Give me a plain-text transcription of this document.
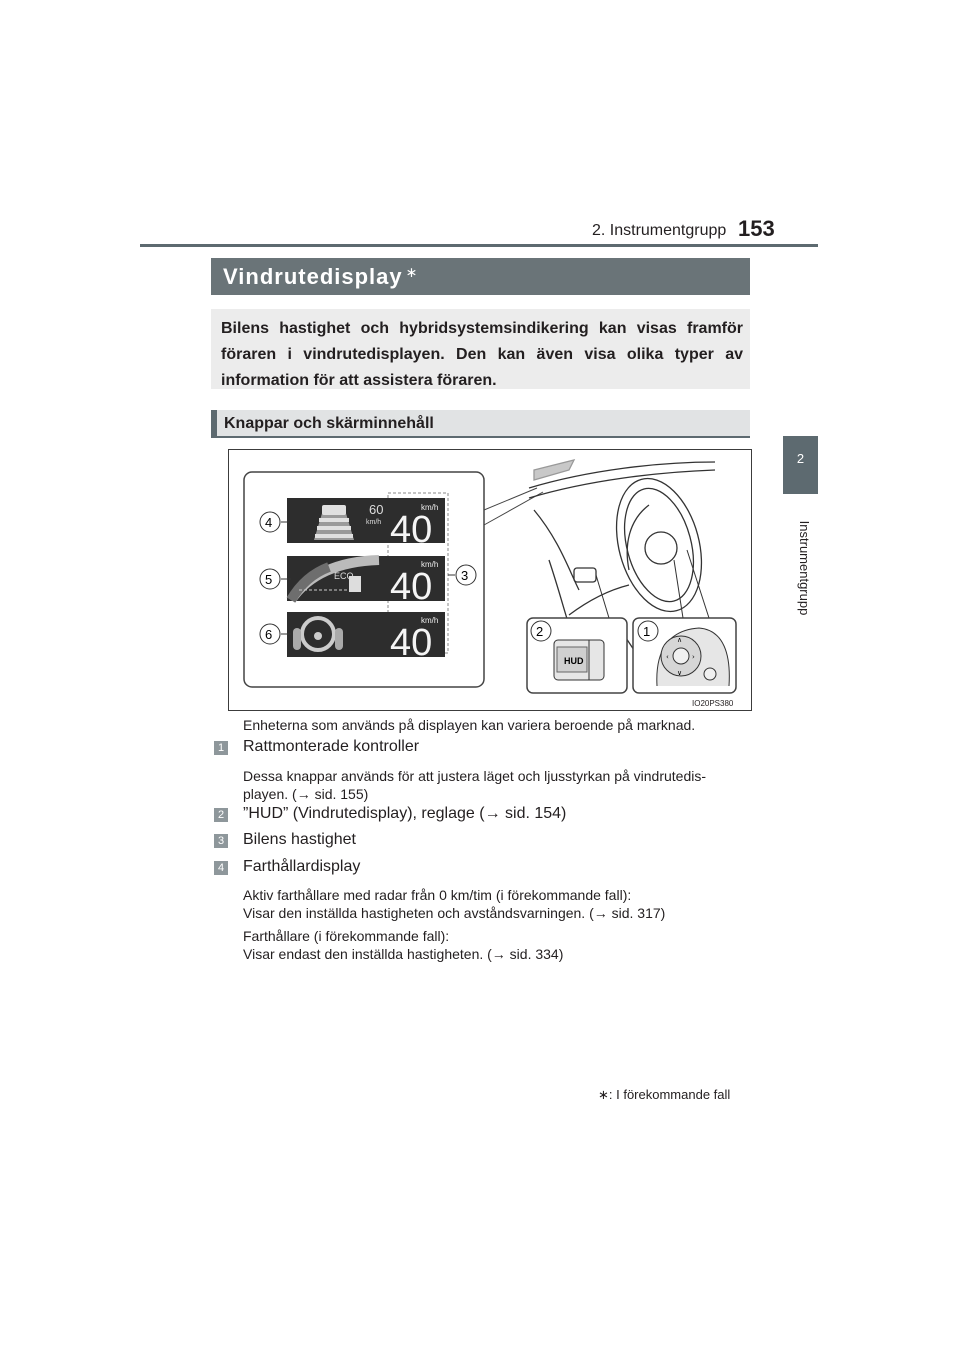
2. Instrumentgrupp 153
2
Instrumentgrupp
Vindrutedisplay ∗
Bilens hastighet och hybridsystemsindikering kan visas framför föraren i vindrutedisplayen. Den kan även visa olika typer av information för att assistera föraren.
Knappar och skärminnehåll
60
km/h
km/h
40
ECO
km/h
40
km/h
40
4
5
6
3
HUD
2
∧
∨
‹	›
1
IO20PS380
Enheterna som används på displayen kan variera beroende på marknad.
1 Rattmonterade kontroller
Dessa knappar används för att justera läget och ljusstyrkan på vindrutedis-
playen. (→ sid. 155)
2 ”HUD” (Vindrutedisplay), reglage (→ sid. 154)
3 Bilens hastighet
4 Farthållardisplay
Aktiv farthållare med radar från 0 km/tim (i förekommande fall):
Visar den inställda hastigheten och avståndsvarningen. (→ sid. 317)
Farthållare (i förekommande fall):
Visar endast den inställda hastigheten. (→ sid. 334)
∗: I förekommande fall
